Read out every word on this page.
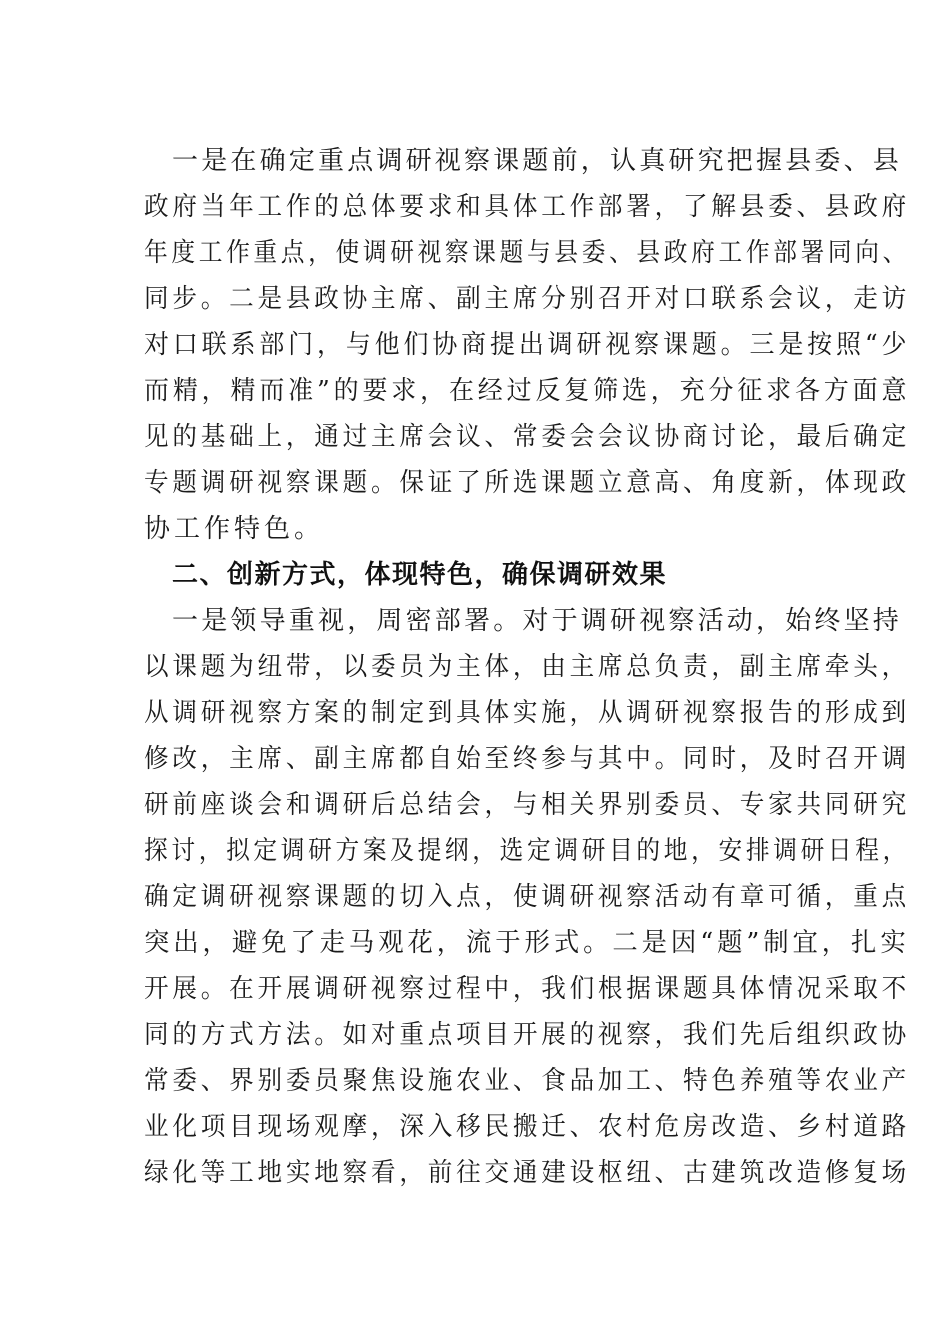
一是在确定重点调研视察课题前，认真研究把握县委、县
政府当年工作的总体要求和具体工作部署，了解县委、县政府
年度工作重点，使调研视察课题与县委、县政府工作部署同向、
同步。二是县政协主席、副主席分别召开对口联系会议，走访
对口联系部门，与他们协商提出调研视察课题。三是按照“少
而精，精而准”的要求，在经过反复筛选，充分征求各方面意
见的基础上，通过主席会议、常委会会议协商讨论，最后确定
专题调研视察课题。保证了所选课题立意高、角度新，体现政
协工作特色。
二、创新方式，体现特色，确保调研效果
一是领导重视，周密部署。对于调研视察活动，始终坚持
以课题为纽带，以委员为主体，由主席总负责，副主席牵头，
从调研视察方案的制定到具体实施，从调研视察报告的形成到
修改，主席、副主席都自始至终参与其中。同时，及时召开调
研前座谈会和调研后总结会，与相关界别委员、专家共同研究
探讨，拟定调研方案及提纲，选定调研目的地，安排调研日程，
确定调研视察课题的切入点，使调研视察活动有章可循，重点
突出，避免了走马观花，流于形式。二是因“题”制宜，扎实
开展。在开展调研视察过程中，我们根据课题具体情况采取不
同的方式方法。如对重点项目开展的视察，我们先后组织政协
常委、界别委员聚焦设施农业、食品加工、特色养殖等农业产
业化项目现场观摩，深入移民搬迁、农村危房改造、乡村道路
绿化等工地实地察看，前往交通建设枢纽、古建筑改造修复场
